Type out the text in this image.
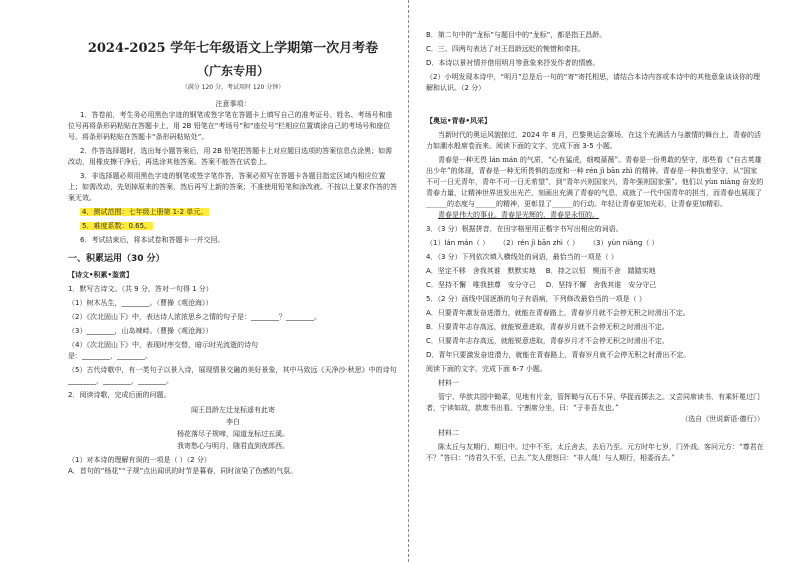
2024-2025 学年七年级语文上学期第一次月考卷
（广东专用）
（满分 120 分，考试用时 120 分钟）
注意事项：

1．答卷前，考生务必用黑色字迹的钢笔或签字笔在答题卡上填写自己的准考证号、姓名、考场号和座位号再将条形码粘贴在答题卡上，用 2B 铅笔在“考场号”和“座位号”栏相应位置填涂自己的考场号和座位号。将条形码粘贴在答题卡“条形码粘贴处”。

2．作答选择题时，选出每小题答案后，用 2B 铅笔把答题卡上对应题目选项的答案信息点涂黑；如需改动，用橡皮擦干净后，再选涂其他答案。答案不能答在试卷上。

3．非选择题必须用黑色字迹的钢笔或签字笔作答，答案必须写在答题卡各题目指定区域内相应位置上；如需改动，先划掉原来的答案，然后再写上新的答案；不准使用铅笔和涂改液。不按以上要求作答的答案无效。

4．测试范围：七年级上册第 1-2 单元。

5．难度系数：0.65。

6．考试结束后，将本试卷和答题卡一并交回。

一、积累运用（30 分）
【诗文•积累•鉴赏】

1．默写古诗文。（共 9 分，答对一句得 1 分）

（1）树木丛生，________。（曹操《观沧海》）

（2）《次北固山下》中，表达诗人浓浓思乡之情的句子是：________？________。

（3）________，山岛竦峙。（曹操《观沧海》）

（4）《次北固山下》中，表现时序交替，暗示时光流逝的诗句

是：________，________。

（5）古代诗歌中，有一类句子以景入诗，展现情景交融的美好景象，其中马致远《天净沙·秋思》中的诗句________，________，________。

2．阅读诗歌，完成后面的问题。

闻王昌龄左迁龙标遥有此寄
李白
杨花落尽子规啼，闻道龙标过五溪。
我寄愁心与明月，随君直到夜郎西。

（1）对本诗的理解有误的一项是（ ）（2 分）

A．首句的“杨花”“子规”点出闻讯的时节是暮春，同时渲染了伤感的气氛。

B．第二句中的“龙标”与题目中的“龙标”，都是指王昌龄。

C．三、四两句表达了对王昌龄远贬的惋惜和牵挂。

D．本诗以景衬情并借用明月等意象来抒发作者的情感。

（2）小明发现本诗中，“明月”总是后一句的“寄”寄托相思，请结合本诗内容或本诗中的其他意象谈谈你的理解和认识。（2 分）

【奥运•青春•风采】

当新时代的奥运风貌掠过，2024 年 8 月，巴黎奥运会赛场，在这个充满活力与激情的舞台上，青春的活力如潮水般席卷而来。阅读下面的文字，完成下面 3-5 小题。

青春是一种无畏 lán mán 的气质，“心有猛虎，细嗅蔷薇”。青春是一份勇敢的坚守，那些看《“自古英雄出少年”的体现，青春是一种无所畏惧的态度和一种 rén jì bān zhì 的精神。青春是一种执着坚守，从“国家不可一日无青年，青年不可一日无希望”，到“青年兴则国家兴，青年强则国家强”。他们以 yùn niàng 奋发的青春力量，让精神世界迸发出光芒，刻画出充满了青春的气息，成就了一代中国青年的担当，而青春也展现了______的态度与______的精神，更彰显了______的行动。年轻让青春更加光彩，让青春更加精彩。

青春是伟大的事业。青春是光辉的，青春是永恒的。

3．（3 分）根据拼音，在田字格里用正楷字书写出相应的词语。

（1）lán mán（ ） （2）rén jì bān zhì（ ） （3）yùn niàng（ ）

4．（3 分）下列依次填入横线处的词语，最恰当的一项是（ ）

A．坚定不移　舍我其谁　默默实地 B．持之以恒　锲而不舍　踏踏实地
C．坚持不懈　唯我独尊　安分守己 D．坚持不懈　舍我其谁　安分守己

5．（2 分）画线中国逐渐的句子有语病，下列修改最恰当的一项是（ ）

A．只要青年激发奋进潜力，就能在青春路上，青春岁月就不会停无积之时滑出不定。

B．只要青年志存高远，就能锐意进取，青春岁月就不会停无积之时滑出不定。

C．只要青年志存高远，就能锐意进取，青春岁月才不会停无积之时滑出不定。

D．青年只要激发奋进潜力，就能在青春路上，青春岁月就不会停无积之时滑出不定。

阅读下面的文字，完成下面 6-7 小题。

材料一

管宁、华歆共园中锄菜，见地有片金，管挥锄与瓦石不异，华捉而掷去之。又尝同席读书，有乘轩冕过门者，宁读如故，歆废书出看。宁割席分坐，曰：“子非吾友也。”

（选自《世说新语·德行》）

材料二

陈太丘与友期行，期日中。过中不至，太丘舍去，去后乃至。元方时年七岁，门外戏。客问元方：“尊君在不？”答曰：“待君久不至，已去。”友人便怒曰：“非人哉！与人期行，相委而去。”
